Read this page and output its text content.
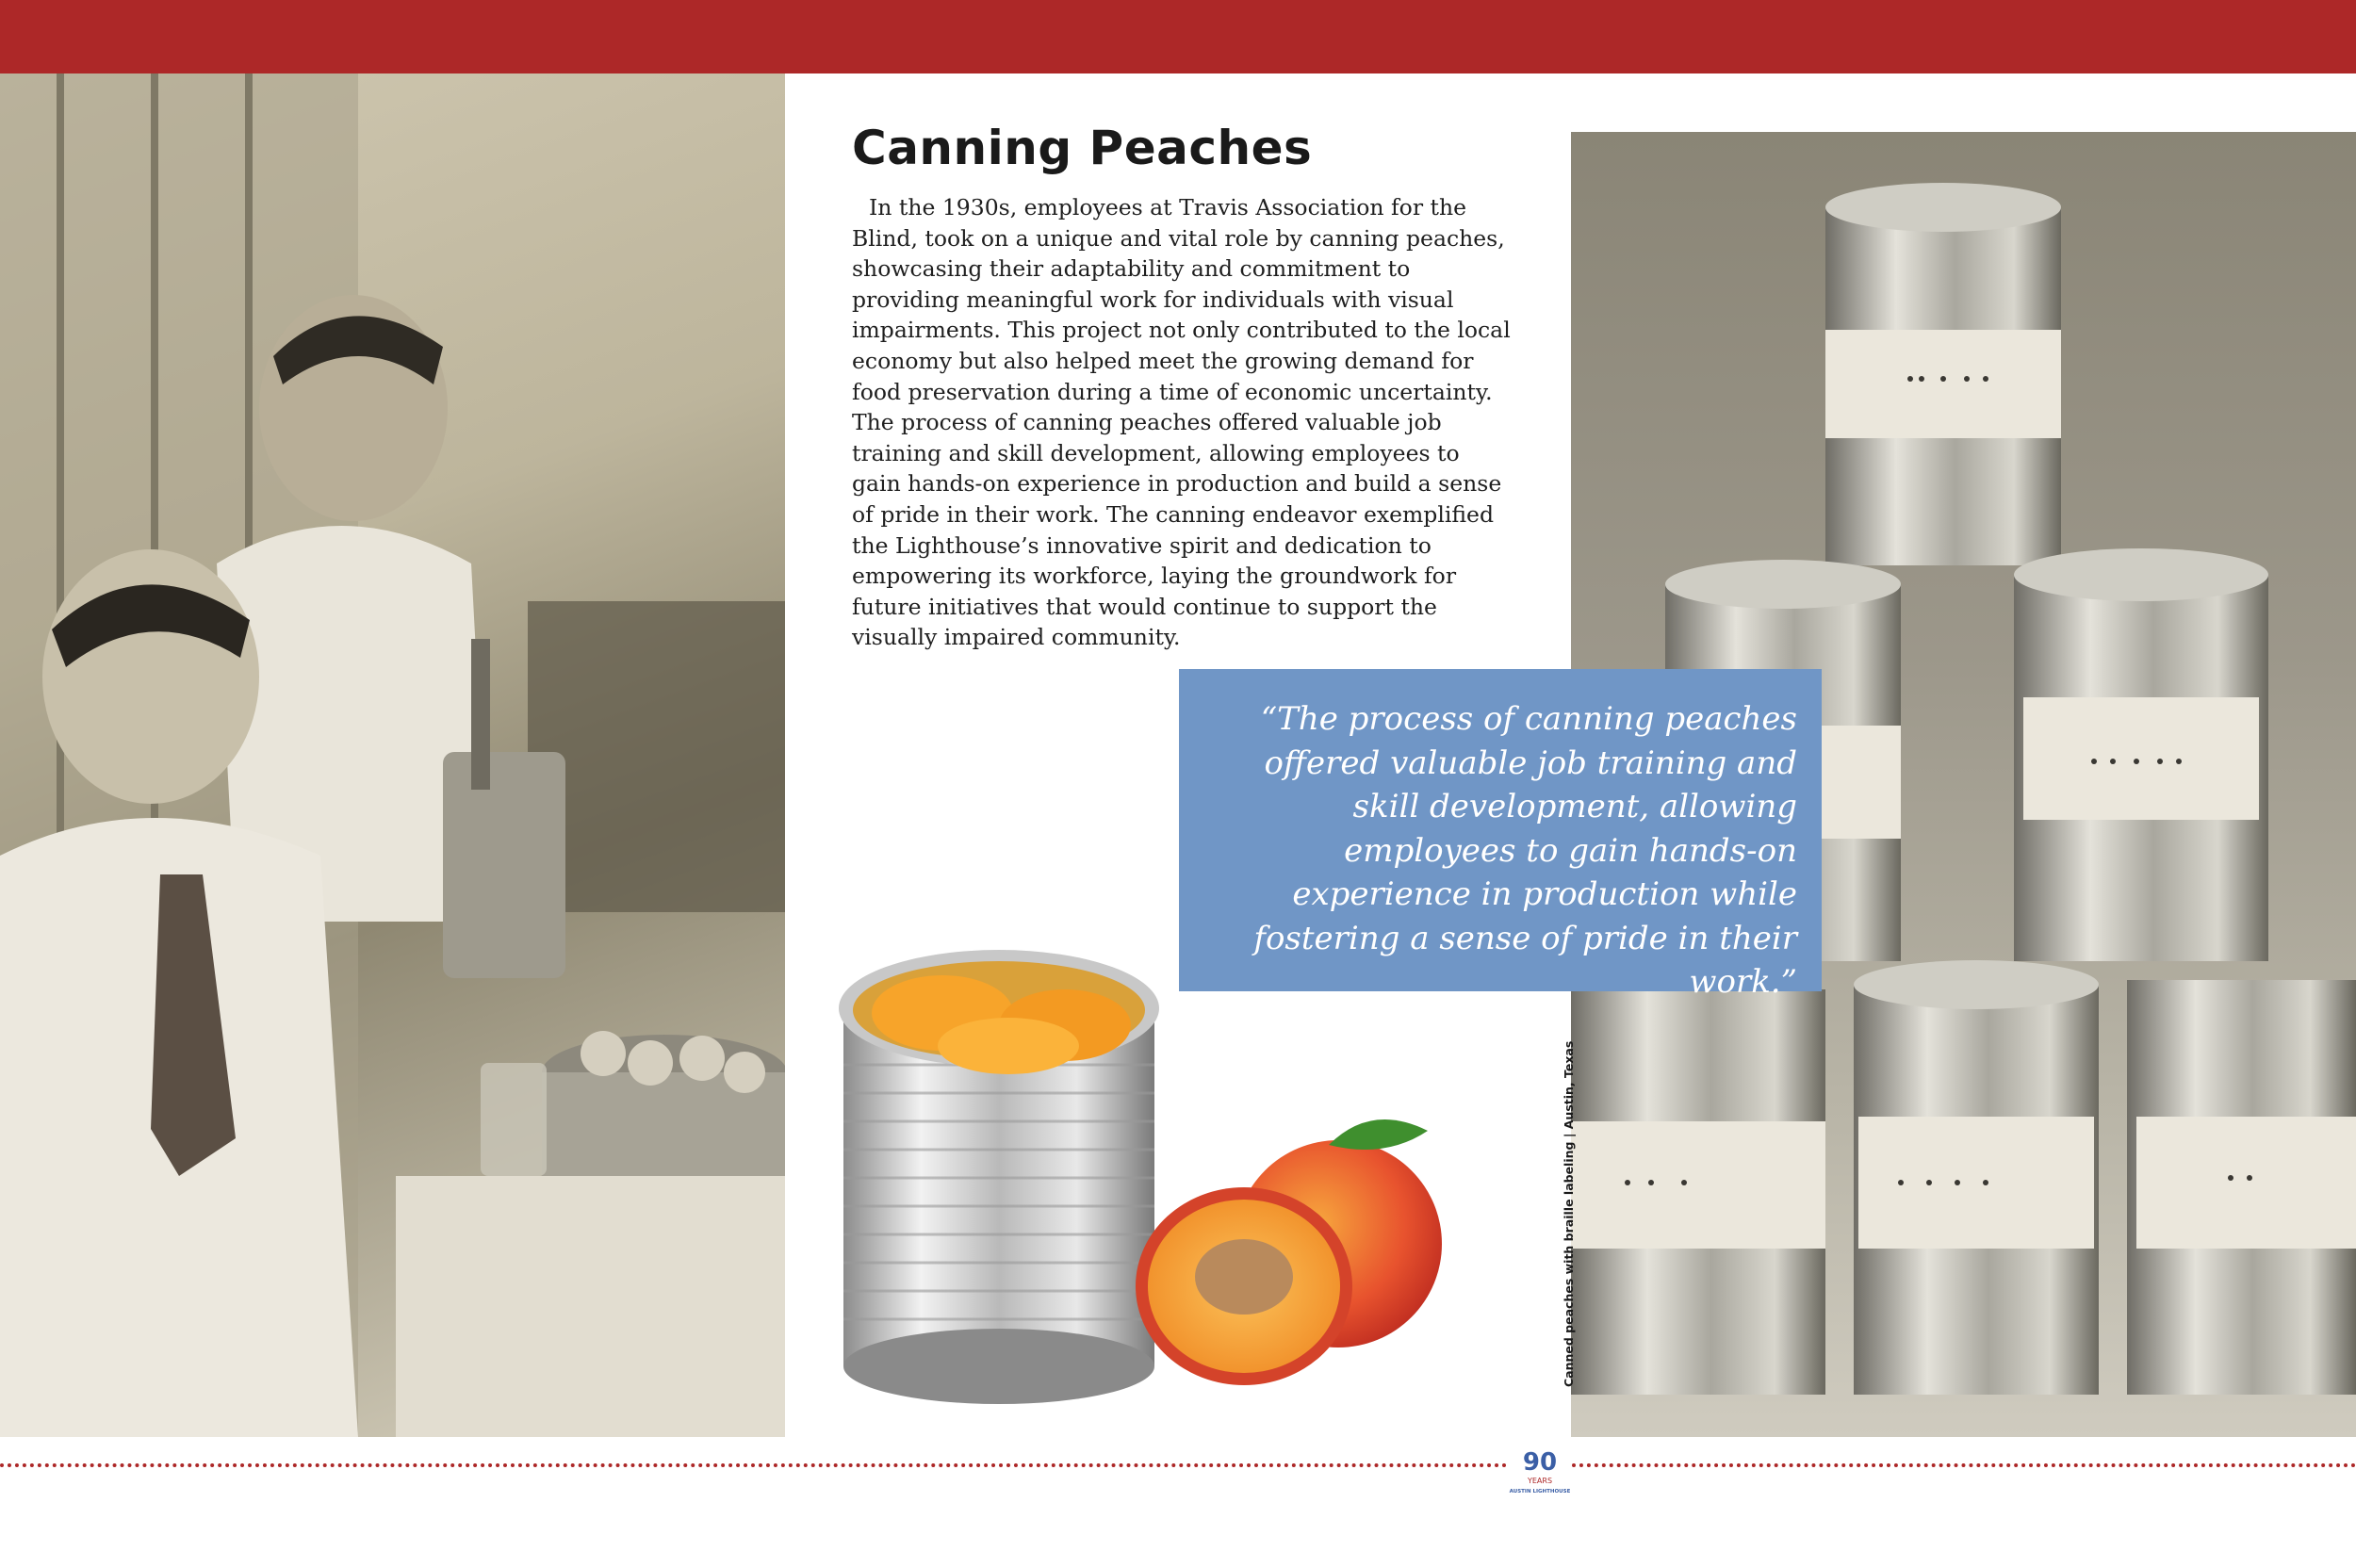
Canning Peaches

In the 1930s, employees at Travis Association for the Blind, took on a unique and vital role by canning peaches, showcasing their adaptability and commitment to providing meaningful work for individuals with visual impairments. This project not only contributed to the local economy but also helped meet the growing demand for food preservation during a time of economic uncertainty. The process of canning peaches offered valuable job training and skill development, allowing employees to gain hands-on experience in production and build a sense of pride in their work. The canning endeavor exemplified the Lighthouse’s innovative spirit and dedication to empowering its workforce, laying the groundwork for future initiatives that would continue to support the visually impaired community.

“The process of canning peaches offered valuable job training and skill development, allowing employees to gain hands-on experience in production while fostering a sense of pride in their work.”

Canned peaches with braille labeling | Austin, Texas
90
YEARS
AUSTIN LIGHTHOUSE
